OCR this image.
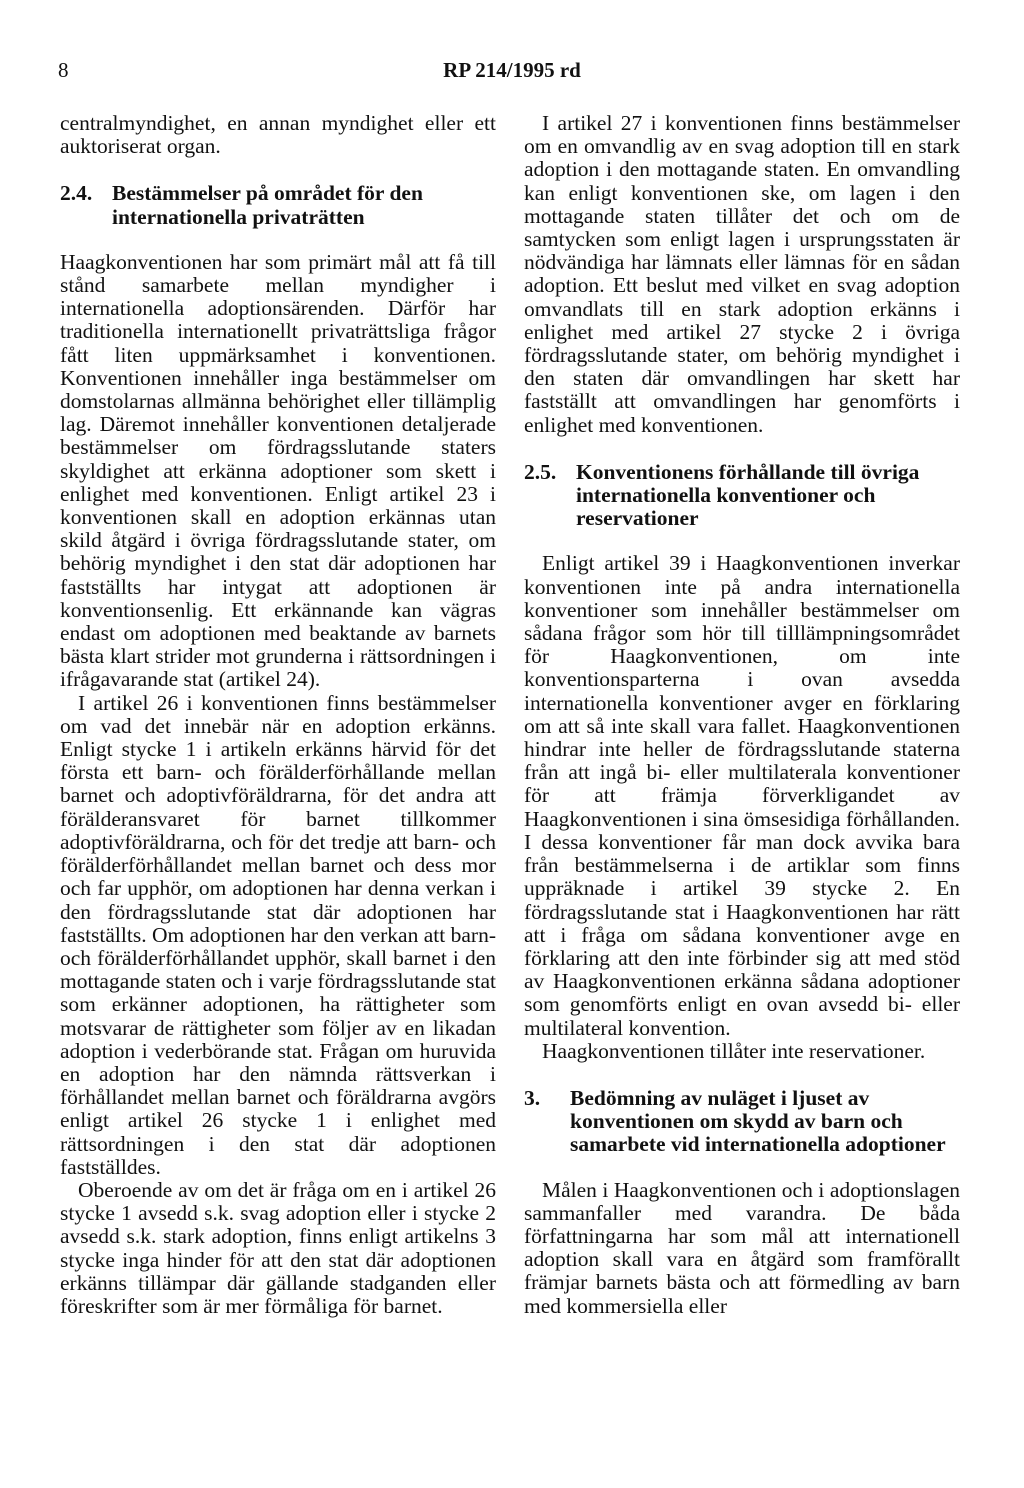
8	RP 214/1995 rd

centralmyndighet, en annan myndighet eller ett auktoriserat organ.

2.4. Bestämmelser på området för den internationella privaträtten

Haagkonventionen har som primärt mål att få till stånd samarbete mellan myndigher i internationella adoptionsärenden. Därför har traditionella internationellt privaträttsliga frågor fått liten uppmärksamhet i konventionen. Konventionen innehåller inga bestämmelser om domstolarnas allmänna behörighet eller tillämplig lag. Däremot innehåller konventionen detaljerade bestämmelser om fördragsslutande staters skyldighet att erkänna adoptioner som skett i enlighet med konventionen. Enligt artikel 23 i konventionen skall en adoption erkännas utan skild åtgärd i övriga fördragsslutande stater, om behörig myndighet i den stat där adoptionen har fastställts har intygat att adoptionen är konventionsenlig. Ett erkännande kan vägras endast om adoptionen med beaktande av barnets bästa klart strider mot grunderna i rättsordningen i ifrågavarande stat (artikel 24).

I artikel 26 i konventionen finns bestämmelser om vad det innebär när en adoption erkänns. Enligt stycke 1 i artikeln erkänns härvid för det första ett barn- och förälderförhållande mellan barnet och adoptivföräldrarna, för det andra att förälderansvaret för barnet tillkommer adoptivföräldrarna, och för det tredje att barn- och förälderförhållandet mellan barnet och dess mor och far upphör, om adoptionen har denna verkan i den fördragsslutande stat där adoptionen har fastställts. Om adoptionen har den verkan att barn- och förälderförhållandet upphör, skall barnet i den mottagande staten och i varje fördragsslutande stat som erkänner adoptionen, ha rättigheter som motsvarar de rättigheter som följer av en likadan adoption i vederbörande stat. Frågan om huruvida en adoption har den nämnda rättsverkan i förhållandet mellan barnet och föräldrarna avgörs enligt artikel 26 stycke 1 i enlighet med rättsordningen i den stat där adoptionen fastställdes.

Oberoende av om det är fråga om en i artikel 26 stycke 1 avsedd s.k. svag adoption eller i stycke 2 avsedd s.k. stark adoption, finns enligt artikelns 3 stycke inga hinder för att den stat där adoptionen erkänns tillämpar där gällande stadganden eller föreskrifter som är mer förmåliga för barnet.

I artikel 27 i konventionen finns bestämmelser om en omvandlig av en svag adoption till en stark adoption i den mottagande staten. En omvandling kan enligt konventionen ske, om lagen i den mottagande staten tillåter det och om de samtycken som enligt lagen i ursprungsstaten är nödvändiga har lämnats eller lämnas för en sådan adoption. Ett beslut med vilket en svag adoption omvandlats till en stark adoption erkänns i enlighet med artikel 27 stycke 2 i övriga fördragsslutande stater, om behörig myndighet i den staten där omvandlingen har skett har fastställt att omvandlingen har genomförts i enlighet med konventionen.

2.5. Konventionens förhållande till övriga internationella konventioner och reservationer

Enligt artikel 39 i Haagkonventionen inverkar konventionen inte på andra internationella konventioner som innehåller bestämmelser om sådana frågor som hör till tilllämpningsområdet för Haagkonventionen, om inte konventionsparterna i ovan avsedda internationella konventioner avger en förklaring om att så inte skall vara fallet. Haagkonventionen hindrar inte heller de fördragsslutande staterna från att ingå bi- eller multilaterala konventioner för att främja förverkligandet av Haagkonventionen i sina ömsesidiga förhållanden. I dessa konventioner får man dock avvika bara från bestämmelserna i de artiklar som finns uppräknade i artikel 39 stycke 2. En fördragsslutande stat i Haagkonventionen har rätt att i fråga om sådana konventioner avge en förklaring att den inte förbinder sig att med stöd av Haagkonventionen erkänna sådana adoptioner som genomförts enligt en ovan avsedd bi- eller multilateral konvention.

Haagkonventionen tillåter inte reservationer.

3.	Bedömning av nuläget i ljuset av konventionen om skydd av barn och samarbete vid internationella adoptioner

Målen i Haagkonventionen och i adoptionslagen sammanfaller med varandra. De båda författningarna har som mål att internationell adoption skall vara en åtgärd som framförallt främjar barnets bästa och att förmedling av barn med kommersiella eller
